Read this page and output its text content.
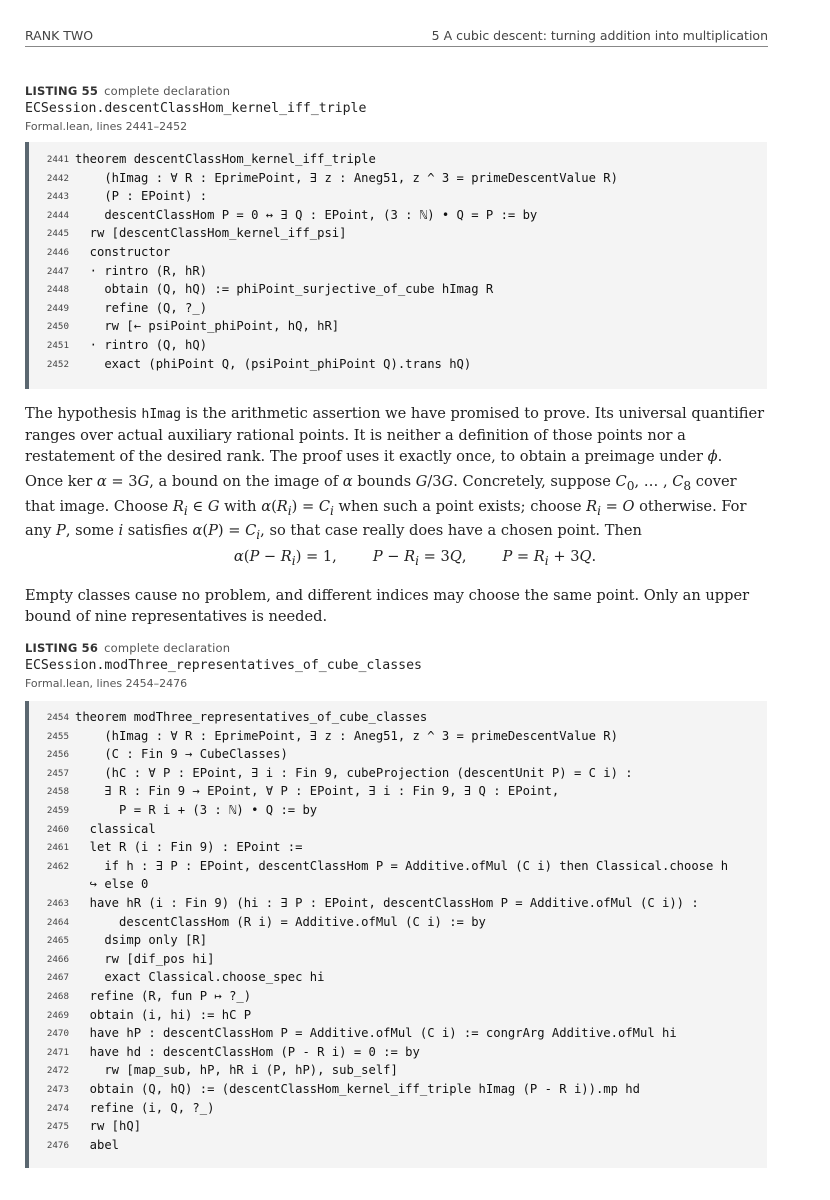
RANK TWO	5 A cubic descent: turning addition into multiplication
LISTING 55 complete declaration
ECSession.descentClassHom_kernel_iff_triple
Formal.lean, lines 2441–2452
2441 theorem descentClassHom_kernel_iff_triple
2442    (hImag : ∀ R : EprimePoint, ∃ z : Aneg51, z ^ 3 = primeDescentValue R)
2443    (P : EPoint) :
2444    descentClassHom P = 0 ↔ ∃ Q : EPoint, (3 : ℕ) • Q = P := by
2445  rw [descentClassHom_kernel_iff_psi]
2446  constructor
2447  · rintro (R, hR)
2448    obtain (Q, hQ) := phiPoint_surjective_of_cube hImag R
2449    refine (Q, ?_)
2450    rw [← psiPoint_phiPoint, hQ, hR]
2451  · rintro (Q, hQ)
2452    exact (phiPoint Q, (psiPoint_phiPoint Q).trans hQ)
The hypothesis hImag is the arithmetic assertion we have promised to prove. Its universal quantifier ranges over actual auxiliary rational points. It is neither a definition of those points nor a restatement of the desired rank. The proof uses it exactly once, to obtain a preimage under ϕ.
Once ker α = 3G, a bound on the image of α bounds G/3G. Concretely, suppose $C_0$, … , $C_8$ cover that image. Choose $R_i$ ∈ G with $\alpha(R_i) = C_i$ when such a point exists; choose $R_i = O$ otherwise. For any P, some i satisfies $\alpha(P) = C_i$, so that case really does have a chosen point. Then
$\alpha(P - R_i) = 1$, $P - R_i = 3Q$, $P = R_i + 3Q$.
Empty classes cause no problem, and different indices may choose the same point. Only an upper bound of nine representatives is needed.
LISTING 56 complete declaration
ECSession.modThree_representatives_of_cube_classes
Formal.lean, lines 2454–2476
2454 theorem modThree_representatives_of_cube_classes
2455    (hImag : ∀ R : EprimePoint, ∃ z : Aneg51, z ^ 3 = primeDescentValue R)
2456    (C : Fin 9 → CubeClasses)
2457    (hC : ∀ P : EPoint, ∃ i : Fin 9, cubeProjection (descentUnit P) = C i) :
2458    ∃ R : Fin 9 → EPoint, ∀ P : EPoint, ∃ i : Fin 9, ∃ Q : EPoint,
2459      P = R i + (3 : ℕ) • Q := by
2460  classical
2461  let R (i : Fin 9) : EPoint :=
2462    if h : ∃ P : EPoint, descentClassHom P = Additive.ofMul (C i) then Classical.choose h
↪ else 0
2463  have hR (i : Fin 9) (hi : ∃ P : EPoint, descentClassHom P = Additive.ofMul (C i)) :
2464      descentClassHom (R i) = Additive.ofMul (C i) := by
2465    dsimp only [R]
2466    rw [dif_pos hi]
2467    exact Classical.choose_spec hi
2468  refine (R, fun P ↦ ?_)
2469  obtain (i, hi) := hC P
2470  have hP : descentClassHom P = Additive.ofMul (C i) := congrArg Additive.ofMul hi
2471  have hd : descentClassHom (P - R i) = 0 := by
2472    rw [map_sub, hP, hR i (P, hP), sub_self]
2473  obtain (Q, hQ) := (descentClassHom_kernel_iff_triple hImag (P - R i)).mp hd
2474  refine (i, Q, ?_)
2475  rw [hQ]
2476  abel
